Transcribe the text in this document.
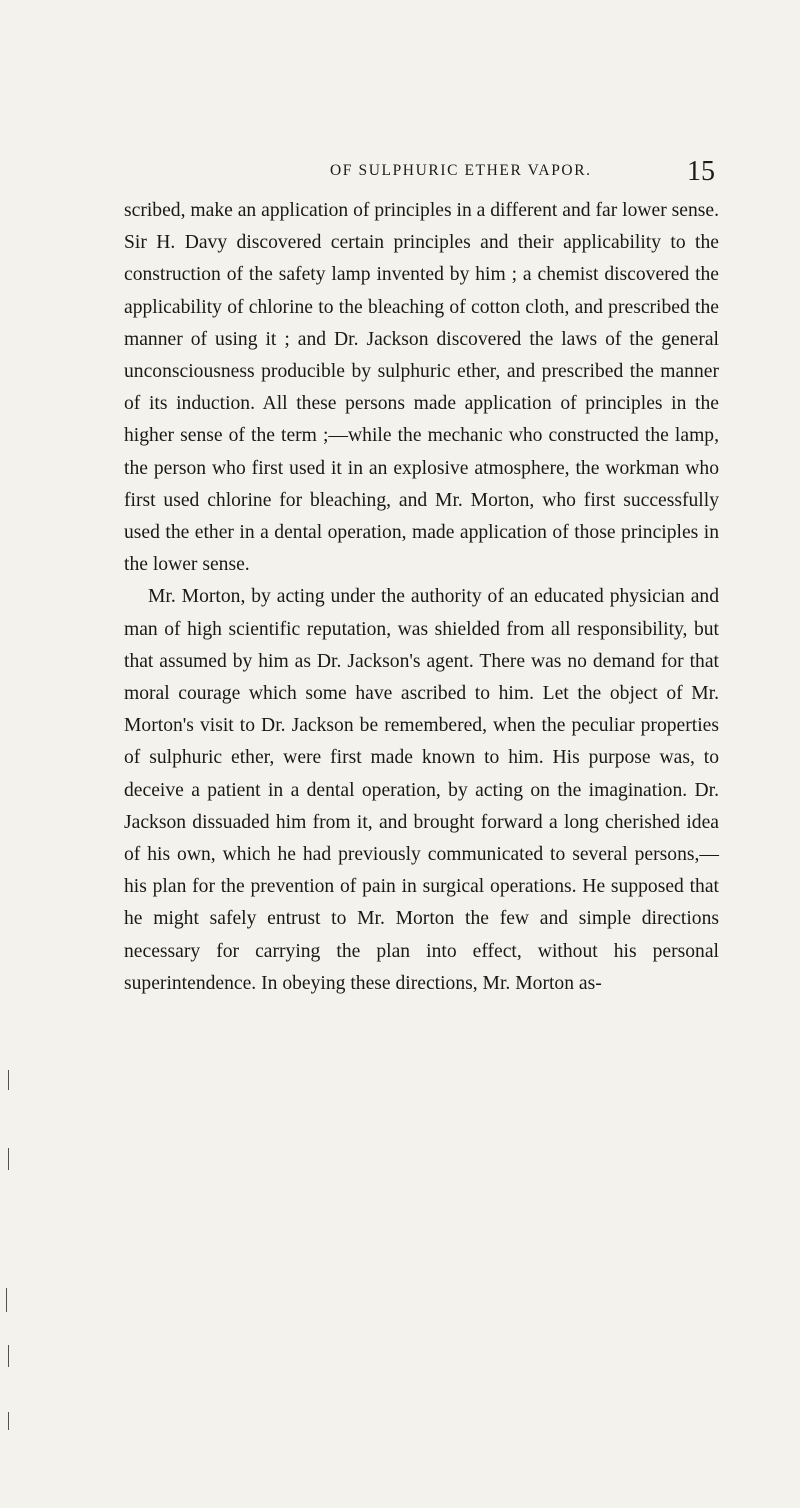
OF SULPHURIC ETHER VAPOR.	15

scribed, make an application of principles in a different and far lower sense. Sir H. Davy discovered certain principles and their applicability to the construction of the safety lamp invented by him ; a chemist discovered the applicability of chlorine to the bleaching of cotton cloth, and prescribed the manner of using it ; and Dr. Jackson discovered the laws of the general unconsciousness producible by sulphuric ether, and prescribed the manner of its induction. All these persons made application of principles in the higher sense of the term ;—while the mechanic who constructed the lamp, the person who first used it in an explosive atmosphere, the workman who first used chlorine for bleaching, and Mr. Morton, who first successfully used the ether in a dental operation, made application of those principles in the lower sense.

Mr. Morton, by acting under the authority of an educated physician and man of high scientific reputation, was shielded from all responsibility, but that assumed by him as Dr. Jackson's agent. There was no demand for that moral courage which some have ascribed to him. Let the object of Mr. Morton's visit to Dr. Jackson be remembered, when the peculiar properties of sulphuric ether, were first made known to him. His purpose was, to deceive a patient in a dental operation, by acting on the imagination. Dr. Jackson dissuaded him from it, and brought forward a long cherished idea of his own, which he had previously communicated to several persons,—his plan for the prevention of pain in surgical operations. He supposed that he might safely entrust to Mr. Morton the few and simple directions necessary for carrying the plan into effect, without his personal superintendence. In obeying these directions, Mr. Morton as-
